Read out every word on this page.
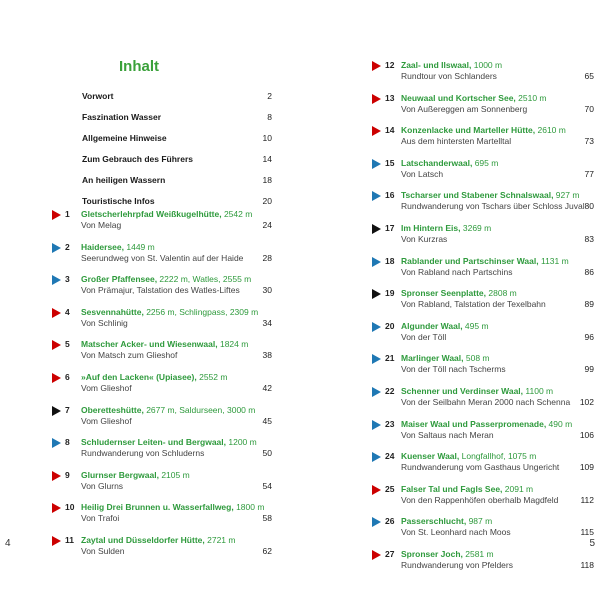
4	5
Inhalt
Vorwort	2
Faszination Wasser	8
Allgemeine Hinweise	10
Zum Gebrauch des Führers	14
An heiligen Wassern	18
Touristische Infos	20
1 Gletscherlehrpfad Weißkugelhütte, 2542 m
Von Melag	24
2 Haidersee, 1449 m
Seerundweg von St. Valentin auf der Haide 28
3 Großer Pfaffensee, 2222 m, Watles, 2555 m
Von Prämajur, Talstation des Watles-Liftes	30
4 Sesvennahütte, 2256 m, Schlingpass, 2309 m
Von Schlinig	34
5 Matscher Acker- und Wiesenwaal, 1824 m
Von Matsch zum Glieshof	38
6 »Auf den Lacken« (Upiasee), 2552 m
Vom Glieshof	42
7 Oberetteshütte, 2677 m, Saldurseen, 3000 m
Vom Glieshof	45
8 Schludernser Leiten- und Bergwaal, 1200 m
Rundwanderung von Schluderns	50
9 Glurnser Bergwaal, 2105 m
Von Glurns	54
10 Heilig Drei Brunnen u. Wasserfallweg, 1800 m
Von Trafoi	58
11 Zaytal und Düsseldorfer Hütte, 2721 m
Von Sulden	62
12 Zaal- und Ilswaal, 1000 m
Rundtour von Schlanders	65
13 Neuwaal und Kortscher See, 2510 m
Von Außereggen am Sonnenberg	70
14 Konzenlacke und Marteller Hütte, 2610 m
Aus dem hintersten Martelltal	73
15 Latschanderwaal, 695 m
Von Latsch	77
16 Tscharser und Stabener Schnalswaal, 927 m
Rundwanderung von Tschars über Schloss Juval 80
17 Im Hintern Eis, 3269 m
Von Kurzras	83
18 Rablander und Partschinser Waal, 1131 m
Von Rabland nach Partschins	86
19 Spronser Seenplatte, 2808 m
Von Rabland, Talstation der Texelbahn	89
20 Algunder Waal, 495 m
Von der Töll	96
21 Marlinger Waal, 508 m
Von der Töll nach Tscherms	99
22 Schenner und Verdinser Waal, 1100 m
Von der Seilbahn Meran 2000 nach Schenna 102
23 Maiser Waal und Passerpromenade, 490 m
Von Saltaus nach Meran	106
24 Kuenser Waal, Longfallhof, 1075 m
Rundwanderung vom Gasthaus Ungericht 109
25 Falser Tal und Fagls See, 2091 m
Von den Rappenhöfen oberhalb Magdfeld	112
26 Passerschlucht, 987 m
Von St. Leonhard nach Moos	115
27 Spronser Joch, 2581 m
Rundwanderung von Pfelders	118
